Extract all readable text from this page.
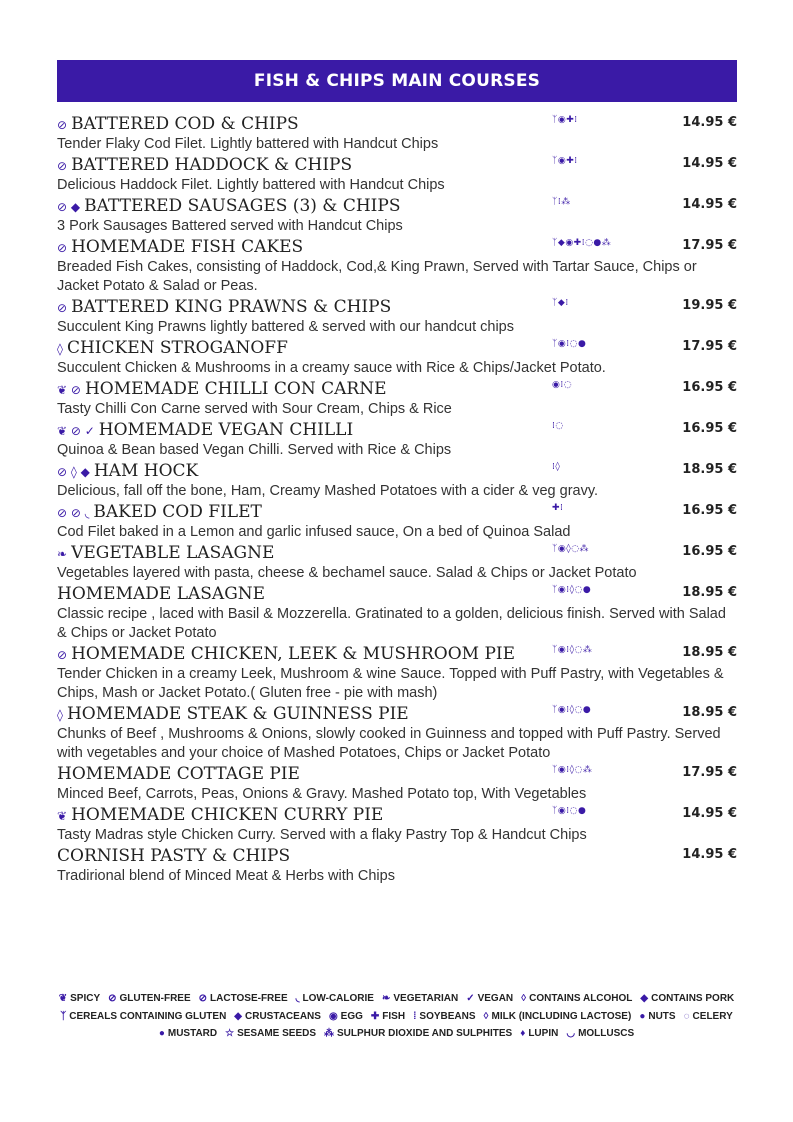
FISH & CHIPS MAIN COURSES
⊘ BATTERED COD & CHIPS	ᛉ◉✚⁞	14.95 €
Tender Flaky Cod Filet. Lightly battered with Handcut Chips
⊘ BATTERED HADDOCK & CHIPS	ᛉ◉✚⁞	14.95 €
Delicious Haddock Filet. Lightly battered with Handcut Chips
⊘ ◆ BATTERED SAUSAGES (3) & CHIPS	ᛉ⁞⁂	14.95 €
3 Pork Sausages Battered served with Handcut Chips
⊘ HOMEMADE FISH CAKES	ᛉ◆◉✚⁞◌●⁂	17.95 €
Breaded Fish Cakes, consisting of Haddock, Cod,& King Prawn, Served with Tartar Sauce, Chips or Jacket Potato & Salad or Peas.
⊘ BATTERED KING PRAWNS & CHIPS	ᛉ◆⁞	19.95 €
Succulent King Prawns lightly battered & served with our handcut chips
◊ CHICKEN STROGANOFF	ᛉ◉⁞◌●	17.95 €
Succulent Chicken & Mushrooms in a creamy sauce with Rice & Chips/Jacket Potato.
❦ ⊘ HOMEMADE CHILLI CON CARNE	◉⁞◌	16.95 €
Tasty Chilli Con Carne served with Sour Cream, Chips & Rice
❦ ⊘ ✓ HOMEMADE VEGAN CHILLI	⁞◌	16.95 €
Quinoa & Bean based Vegan Chilli. Served with Rice & Chips
⊘ ◊ ◆ HAM HOCK	⁞◊	18.95 €
Delicious, fall off the bone, Ham, Creamy Mashed Potatoes with a cider & veg gravy.
⊘ ⊘ ◟ BAKED COD FILET	✚⁞	16.95 €
Cod Filet baked in a Lemon and garlic infused sauce, On a bed of Quinoa Salad
❧ VEGETABLE LASAGNE	ᛉ◉◊◌⁂	16.95 €
Vegetables layered with pasta, cheese & bechamel sauce. Salad & Chips or Jacket Potato
HOMEMADE LASAGNE	ᛉ◉⁞◊◌●	18.95 €
Classic recipe , laced with Basil & Mozzerella. Gratinated to a golden, delicious finish. Served with Salad & Chips or Jacket Potato
⊘ HOMEMADE CHICKEN, LEEK & MUSHROOM PIE	ᛉ◉⁞◊◌⁂	18.95 €
Tender Chicken in a creamy Leek, Mushroom & wine Sauce. Topped with Puff Pastry, with Vegetables & Chips, Mash or Jacket Potato.( Gluten free - pie with mash)
◊ HOMEMADE STEAK & GUINNESS PIE	ᛉ◉⁞◊◌●	18.95 €
Chunks of Beef , Mushrooms & Onions, slowly cooked in Guinness and topped with Puff Pastry. Served with vegetables and your choice of Mashed Potatoes, Chips or Jacket Potato
HOMEMADE COTTAGE PIE	ᛉ◉⁞◊◌⁂	17.95 €
Minced Beef, Carrots, Peas, Onions & Gravy. Mashed Potato top, With Vegetables
❦ HOMEMADE CHICKEN CURRY PIE	ᛉ◉⁞◌●	14.95 €
Tasty Madras style Chicken Curry. Served with a flaky Pastry Top & Handcut Chips
CORNISH PASTY & CHIPS	14.95 €
Tradirional blend of Minced Meat & Herbs with Chips
❦ SPICY ⊘ GLUTEN-FREE ⊘ LACTOSE-FREE ◟ LOW-CALORIE ❧ VEGETARIAN ✓ VEGAN ◊ CONTAINS ALCOHOL ◆ CONTAINS PORK
ᛉ CEREALS CONTAINING GLUTEN ◆ CRUSTACEANS ◉ EGG ✚ FISH ⁞ SOYBEANS ◊ MILK (INCLUDING LACTOSE) ● NUTS ◌ CELERY
● MUSTARD ☆ SESAME SEEDS ⁂ SULPHUR DIOXIDE AND SULPHITES ♦ LUPIN ◡ MOLLUSCS
